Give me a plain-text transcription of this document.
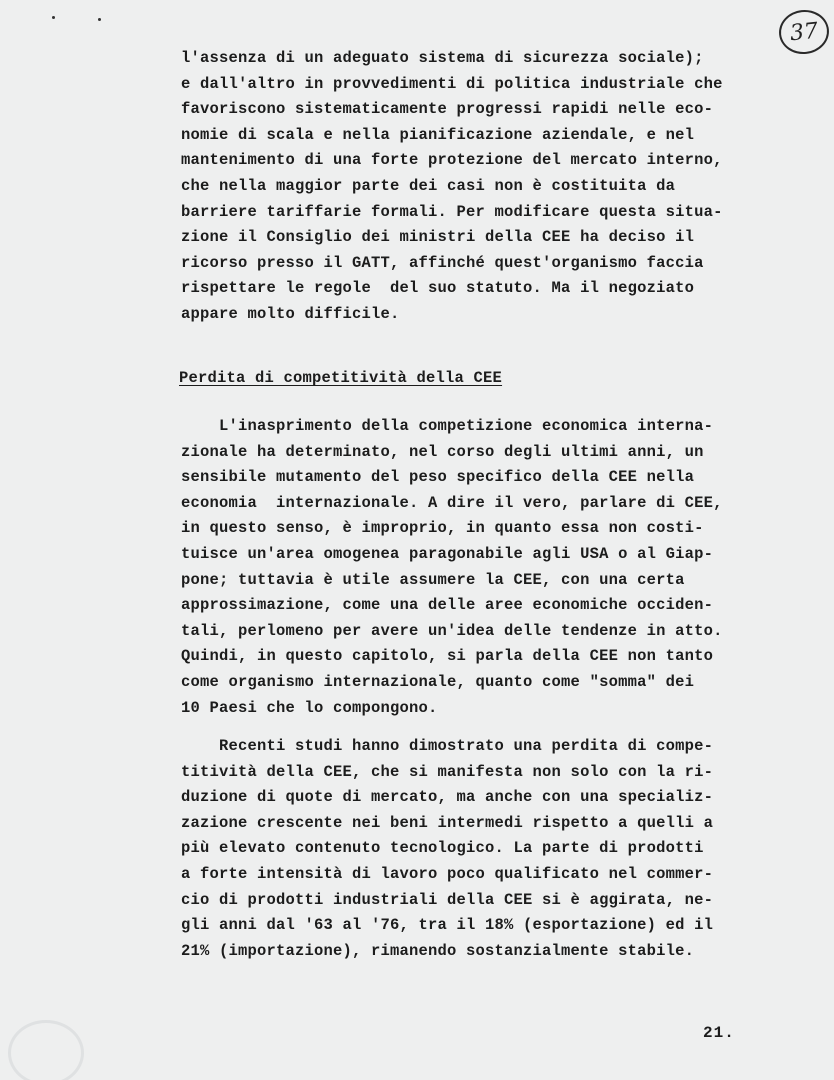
37
l'assenza di un adeguato sistema di sicurezza sociale);
e dall'altro in provvedimenti di politica industriale che
favoriscono sistematicamente progressi rapidi nelle eco-
nomie di scala e nella pianificazione aziendale, e nel
mantenimento di una forte protezione del mercato interno,
che nella maggior parte dei casi non è costituita da
barriere tariffarie formali. Per modificare questa situa-
zione il Consiglio dei ministri della CEE ha deciso il
ricorso presso il GATT, affinché quest'organismo faccia
rispettare le regole  del suo statuto. Ma il negoziato
appare molto difficile.
Perdita di competitività della CEE
L'inasprimento della competizione economica interna-
zionale ha determinato, nel corso degli ultimi anni, un
sensibile mutamento del peso specifico della CEE nella
economia  internazionale. A dire il vero, parlare di CEE,
in questo senso, è improprio, in quanto essa non costi-
tuisce un'area omogenea paragonabile agli USA o al Giap-
pone; tuttavia è utile assumere la CEE, con una certa
approssimazione, come una delle aree economiche occiden-
tali, perlomeno per avere un'idea delle tendenze in atto.
Quindi, in questo capitolo, si parla della CEE non tanto
come organismo internazionale, quanto come "somma" dei
10 Paesi che lo compongono.
Recenti studi hanno dimostrato una perdita di compe-
titività della CEE, che si manifesta non solo con la ri-
duzione di quote di mercato, ma anche con una specializ-
zazione crescente nei beni intermedi rispetto a quelli a
più elevato contenuto tecnologico. La parte di prodotti
a forte intensità di lavoro poco qualificato nel commer-
cio di prodotti industriali della CEE si è aggirata, ne-
gli anni dal '63 al '76, tra il 18% (esportazione) ed il
21% (importazione), rimanendo sostanzialmente stabile.
21.
